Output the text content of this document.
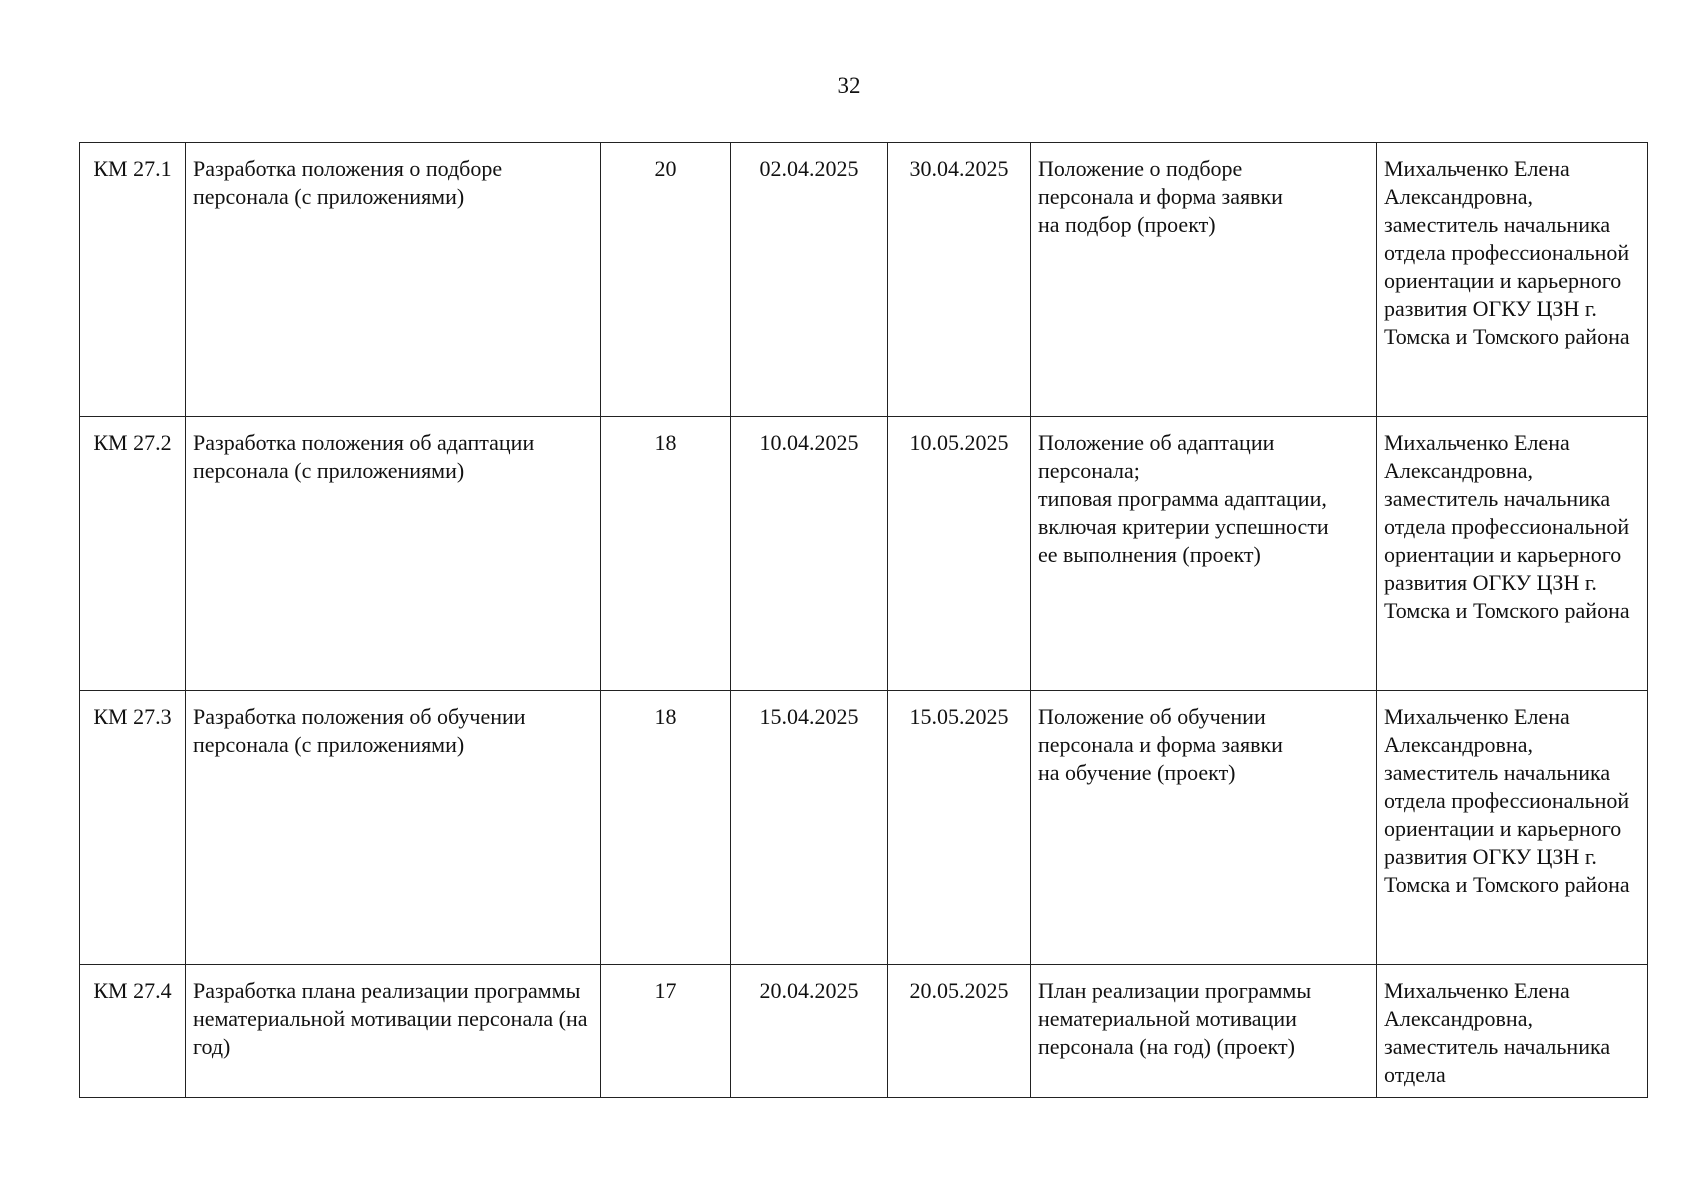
32
КМ 27.1	Разработка положения о подборе персонала (с приложениями)	20	02.04.2025	30.04.2025	Положение о подборе
персонала и форма заявки
на подбор (проект)	Михальченко Елена Александровна, заместитель начальника отдела профессиональной ориентации и карьерного развития ОГКУ ЦЗН г. Томска и Томского района
КМ 27.2	Разработка положения об адаптации персонала (с приложениями)	18	10.04.2025	10.05.2025	Положение об адаптации
персонала;
типовая программа адаптации,
включая критерии успешности
ее выполнения (проект)	Михальченко Елена Александровна, заместитель начальника отдела профессиональной ориентации и карьерного развития ОГКУ ЦЗН г. Томска и Томского района
КМ 27.3	Разработка положения об обучении персонала (с приложениями)	18	15.04.2025	15.05.2025	Положение об обучении
персонала и форма заявки
на обучение (проект)	Михальченко Елена Александровна, заместитель начальника отдела профессиональной ориентации и карьерного развития ОГКУ ЦЗН г. Томска и Томского района
КМ 27.4	Разработка плана реализации программы нематериальной мотивации персонала (на год)	17	20.04.2025	20.05.2025	План реализации программы
нематериальной мотивации
персонала (на год) (проект)	Михальченко Елена Александровна, заместитель начальника отдела
